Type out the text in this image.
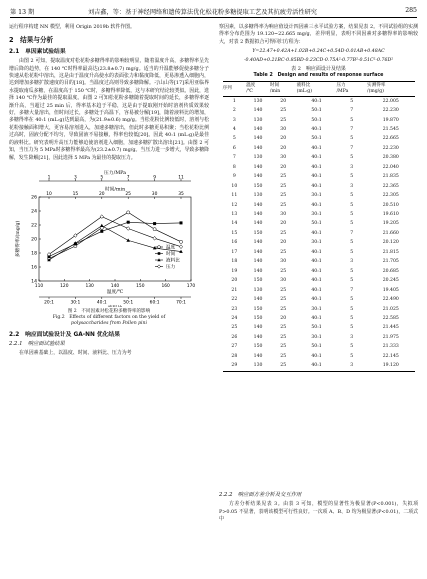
第 13 期	刘吉鑫，等：基于神经网络和遗传算法优化松花粉多糖提取工艺及其抗疲劳活性研究	285

运行程序构建 NN 模型，利用 Origin 2019b 软件作图。

2　结果与分析
2.1　单因素试验结果

由图 2 可知，提取温度对松花粉多糖得率的影响较明显，随着温度升高，多糖得率呈先增后降的趋势，在 140 ℃时得率最高达(23.8±0.7) mg/g。适当的升温能够促使多糖分子快速从松花粉中溶出，这是由于温度升高使水的表面张力和黏度降低，更易渗透入细胞内，达到增加多糖扩散速度的目的[18]。当温度过高则导致多糖降解。刁山山等[17]采用亚临界水提取南瓜多糖，在温度高于 150 ℃时，多糖得率降低，这与本研究结论较类似。因此，选择 140 ℃作为最佳的提取温度。由图 2 可知松花粉多糖随着提取时间的延长，多糖得率逐渐升高，当超过 25 min 后，得率基本趋于平稳，这是由于提取刚开始时溶剂传质效果较好，多糖大量溶出，但时间过长，多糖处于高温下，容易被分解[19]，随着液料比的增加，多糖得率在 40:1 (mL:g)达到最高，为(21.9±0.6) mg/g。当松花粉比例较低时，溶剂与松花粉接触面积增大，更容易溶剂进入，加速多糖溶出，但此时多糖更易积聚；当松花粉比例过高时，固液分配不均匀，导致固液不易接触，得率也较低[20]。因此 40:1 (mL:g)是最佳的液料比。研究表明升高压力能够迫使溶剂进入细胞，加速多糖扩散出溶出[21]。由图 2 可知，当压力为 5 MPa时多糖得率最高为(23.2±0.7) mg/g。当压力进一步增大，导致多糖降解，发生降解[21]，因此选择 5 MPa 为最佳的提取压力。

14
16
18
20
22
24
26
多糖得率/(mg/g)
110	120	130	140	150	160	170
温度/℃
20:1	30:1	40:1	50:1	60:1	70:1
压力/MPa
1	3	5	7	9	11
10	15	20	25	30	35
时间/min
温度
时间
液料比
压力
图 2　不同因素对松花粉多糖得率的影响
Fig.2　Effects of different factors on the yield of
polysaccharides from Pollen pini
2.2　响应面试验设计及 GA-NN 优化结果
2.2.1　响应面试验结果

在单因素基础上，以温度、时间、液料比、压力为考

察因素，以多糖得率为响应值设计四因素三水平试验方案，结果见表 2。不同试验组的实测得率分布范围为 19.120~22.665 mg/g，差异明显，表明不同因素对多糖得率的影响较大，对表 2 数据拟合可得回归方程为：

Y=22.47+0.42A+1.02B+0.24C+0.54D-0.01AB+0.48AC
-0.40AD+0.21BC-0.85BD-0.23CD-0.75A²-0.77B²-0.51C²-0.76D²
表 2　响应面设计及结果
Table 2　Design and results of response surface
序列	温度
/℃	时间
/min	液料比
(mL:g)	压力
/MPa	实测得率
/(mg/g)
1	130	20	40:1	5	22.005
2	140	25	50:1	7	22.230
3	130	25	50:1	5	19.870
4	140	30	40:1	7	21.545
5	140	20	50:1	5	22.665
6	140	20	40:1	7	22.230
7	130	30	40:1	5	20.380
8	140	20	40:1	3	22.040
9	140	25	40:1	5	21.835
10	150	25	40:1	3	22.365
11	130	25	30:1	5	22.305
12	140	25	40:1	5	20.510
13	140	30	30:1	5	19.610
14	140	20	50:1	5	19.205
15	150	25	40:1	7	21.660
16	140	20	30:1	5	20.120
17	140	25	40:1	5	21.815
18	140	30	40:1	3	21.705
19	140	25	40:1	5	20.685
20	150	30	40:1	5	20.245
21	130	25	40:1	7	19.405
22	140	25	40:1	5	22.490
23	150	25	30:1	5	21.025
24	150	20	40:1	5	22.585
25	140	25	50:1	5	21.445
26	140	25	30:1	3	21.975
27	150	25	50:1	5	21.333
28	140	25	40:1	5	22.145
29	130	25	40:1	3	19.120
2.2.2　响应面方差分析及交互作用

方差分析结果见表 3。由表 3 可知，模型的显著性为极显著(P<0.001)，失拟项 P>0.05 不显著，表明该模型可行性良好。一次项 A、B、D 均为极显著(P<0.01)，二项式中
